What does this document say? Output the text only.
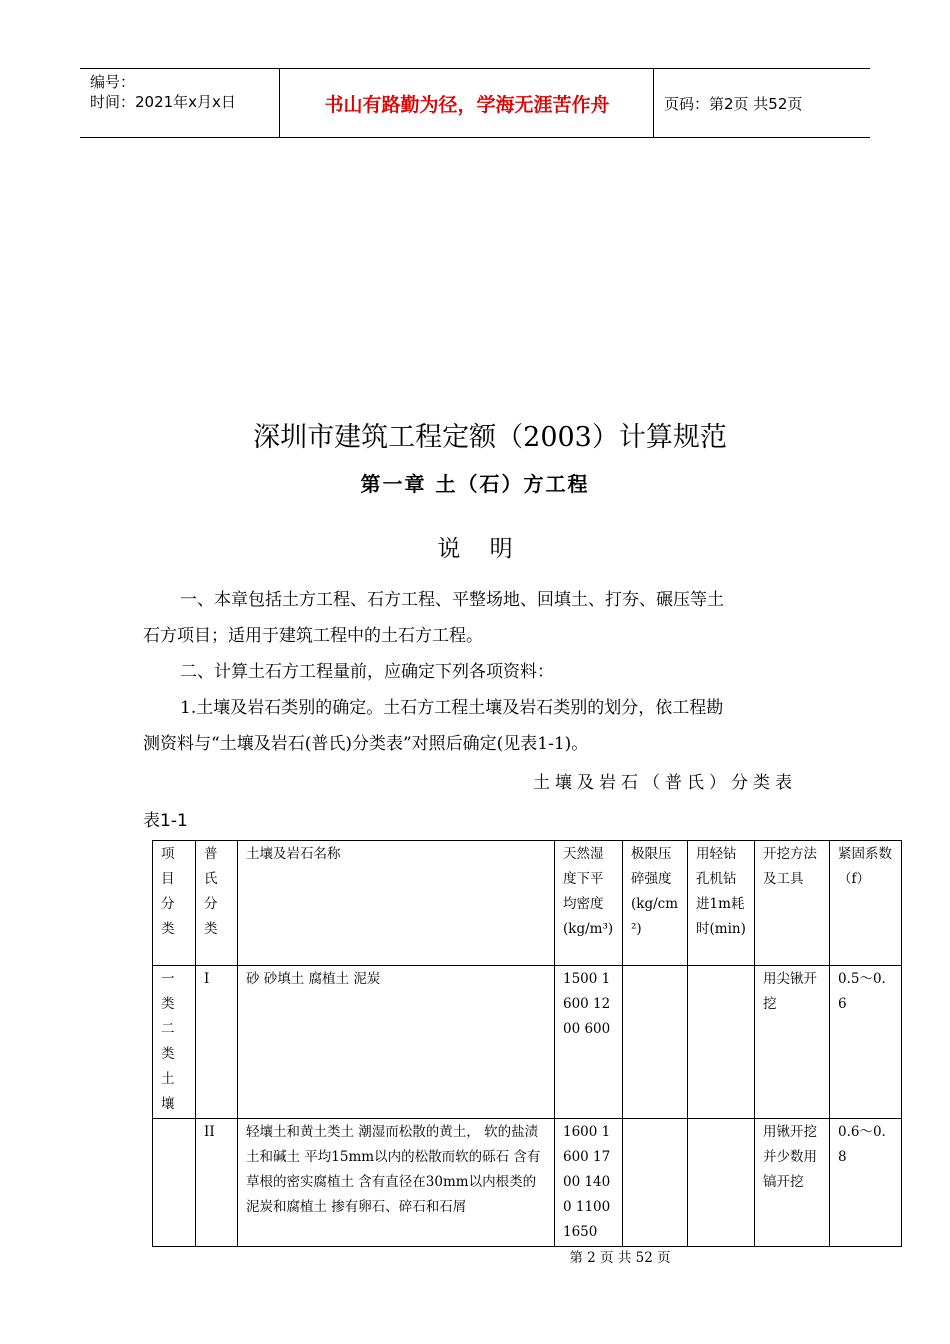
编号：
时间：2021年x月x日	书山有路勤为径，学海无涯苦作舟	页码：第2页 共52页
深圳市建筑工程定额（2003）计算规范
第一章 土（石）方工程
说    明
一、本章包括土方工程、石方工程、平整场地、回填土、打夯、碾压等土
石方项目；适用于建筑工程中的土石方工程。
二、计算土石方工程量前，应确定下列各项资料：
1.土壤及岩石类别的确定。土石方工程土壤及岩石类别的划分，依工程勘
测资料与“土壤及岩石(普氏)分类表”对照后确定(见表1-1)。
土壤及岩石（普氏）分类表
表1-1
项目分类	普氏分类	土壤及岩石名称	天然湿度下平均密度(kg/m³)	极限压碎强度(kg/cm²)	用轻钻孔机钻进1m耗时(min)	开挖方法及工具	紧固系数（f）
一类二类土壤	I	砂 砂填土 腐植土 泥炭	1500 1600 1200 600			用尖锹开挖	0.5～0.6
	II	轻壤土和黄土类土 潮湿而松散的黄土， 软的盐渍土和碱土 平均15mm以内的松散而软的砾石 含有草根的密实腐植土 含有直径在30mm以内根类的泥炭和腐植土 掺有卵石、碎石和石屑	1600 1600 1700 1400 1100 1650			用锹开挖并少数用镐开挖	0.6～0.8
第 2 页 共 52 页
